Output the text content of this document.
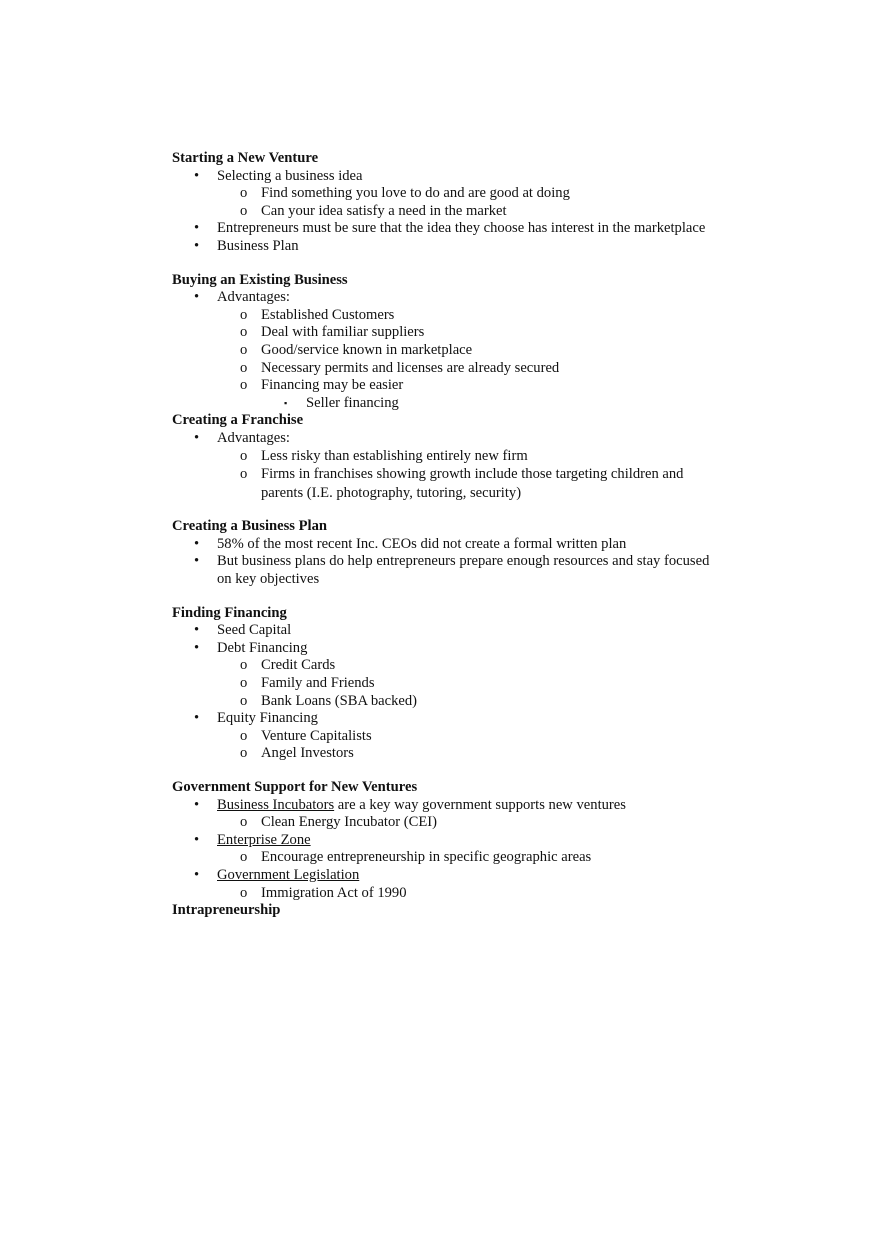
Starting a New Venture
• Selecting a business idea
o Find something you love to do and are good at doing
o Can your idea satisfy a need in the market
• Entrepreneurs must be sure that the idea they choose has interest in the marketplace
• Business Plan
Buying an Existing Business
• Advantages:
o Established Customers
o Deal with familiar suppliers
o Good/service known in marketplace
o Necessary permits and licenses are already secured
o Financing may be easier
▪ Seller financing
Creating a Franchise
• Advantages:
o Less risky than establishing entirely new firm
o Firms in franchises showing growth include those targeting children and parents (I.E. photography, tutoring, security)
Creating a Business Plan
• 58% of the most recent Inc. CEOs did not create a formal written plan
• But business plans do help entrepreneurs prepare enough resources and stay focused on key objectives
Finding Financing
• Seed Capital
• Debt Financing
o Credit Cards
o Family and Friends
o Bank Loans (SBA backed)
• Equity Financing
o Venture Capitalists
o Angel Investors
Government Support for New Ventures
• Business Incubators are a key way government supports new ventures
o Clean Energy Incubator (CEI)
• Enterprise Zone
o Encourage entrepreneurship in specific geographic areas
• Government Legislation
o Immigration Act of 1990
Intrapreneurship
